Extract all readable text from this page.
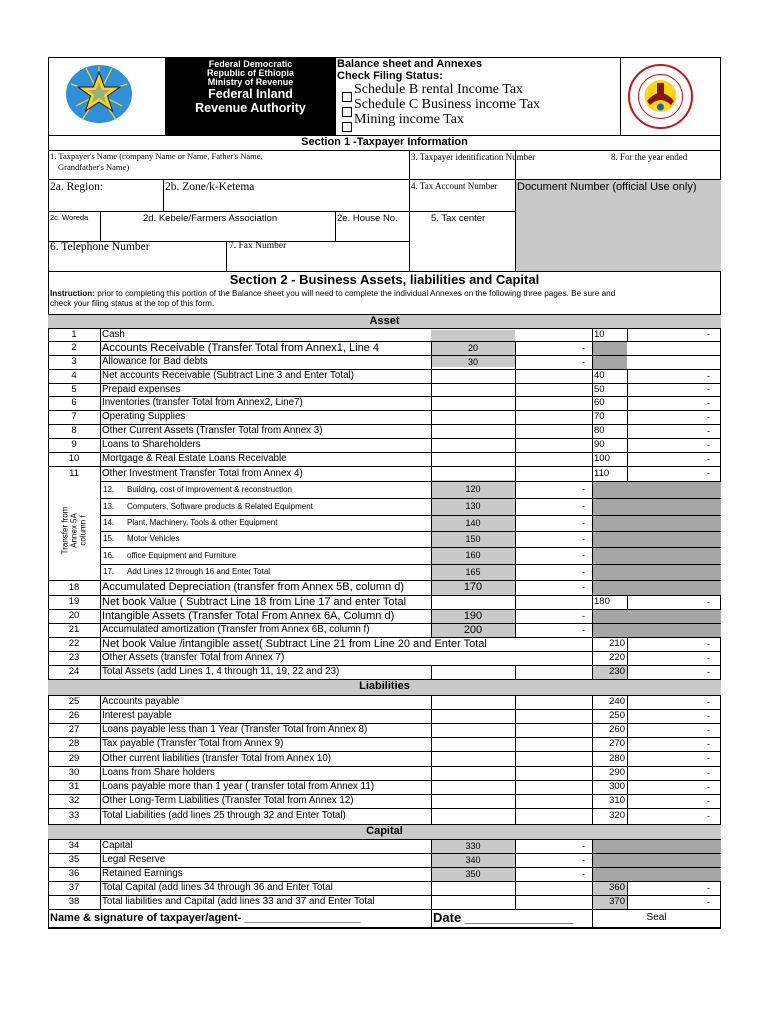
Federal Democratic
Republic of Ethiopia
Ministry of Revenue
Federal Inland
Revenue Authority
Balance sheet and Annexes
Check Filing Status:
Schedule B rental Income Tax
Schedule C Business income Tax
Mining income Tax
Section 1 -Taxpayer Information
1. Taxpayer's Name (company Name or Name, Father's Name,
Grandfather's Name)
3. Taxpayer identification Number	8. For the year ended
2a. Region:	2b. Zone/k-Ketema	4. Tax Account Number Document Number (official Use only)
2c. Woreda	2d. Kebele/Farmers Association	2e. House No.	5. Tax center
6. Telephone Number	7. Fax Number
Section 2 - Business Assets, liabilities and Capital
Instruction: prior to completing this portion of the Balance sheet you will need to complete the individual Annexes on the following three pages. Be sure and
check your filing status at the top of this form.
Asset
Liabilities
Capital
1	Cash	10	-
2	Accounts Receivable (Transfer Total from Annex1, Line 4	20	-
3	Allowance for Bad debts	30	-
4	Net accounts Receivable (Subtract Line 3 and Enter Total)	40	-
5	Prepaid expenses	50	-
6	Inventories (transfer Total from Annex2, Line7)	60	-
7	Operating Supplies	70	-
8	Other Current Assets (Transfer Total from Annex 3)	80	-
9	Loans to Shareholders	90	-
10	Mortgage & Real Estate Loans Receivable	100	-
11	Other Investment Transfer Total from Annex 4)	110	-
12. Building, cost of improvement & reconstruction	120	-
13. Computers, Software products & Related Equipment	130	-
14. Plant, Machinery, Tools & other Equipment	140	-
15. Motor Vehicles	150	-
16. office Equipment and Furniture	160	-
17. Add Lines 12 through 16 and Enter Total	165	-
18	Accumulated Depreciation (transfer from Annex 5B, column d)	170	-
19	Net book Value ( Subtract Line 18 from Line 17 and enter Total	180	-
20	Intangible Assets (Transfer Total From Annex 6A, Column d)	190	-
21	Accumulated amortization (Transfer from Annex 6B, column f)	200	-
22	Net book Value /intangible asset( Subtract Line 21 from Line 20 and Enter Total	210	-
23	Other Assets (transfer Total from Annex 7)	220	-
24	Total Assets (add Lines 1, 4 through 11, 19, 22 and 23)	230	-
25	Accounts payable	240	-
26	Interest payable	250	-
27	Loans payable less than 1 Year (Transfer Total from Annex 8)	260	-
28	Tax payable (Transfer Total from Annex 9)	270	-
29	Other current liabilities (transfer Total from Annex 10)	280	-
30	Loans from Share holders	290	-
31	Loans payable more than 1 year ( transfer total from Annex 11)	300	-
32	Other Long-Term Liabilities (Transfer Total from Annex 12)	310	-
33	Total Liabilities (add lines 25 through 32 and Enter Total)	320	-
34	Capital	330	-
35	Legal Reserve	340	-
36	Retained Earnings	350	-
37	Total Capital (add lines 34 through 36 and Enter Total	360	-
38	Total liabilities and Capital (add lines 33 and 37 and Enter Total	370	-
Transfer from Annex 5A column f
Name & signature of taxpayer/agent- ___________________	Date _______________	Seal
